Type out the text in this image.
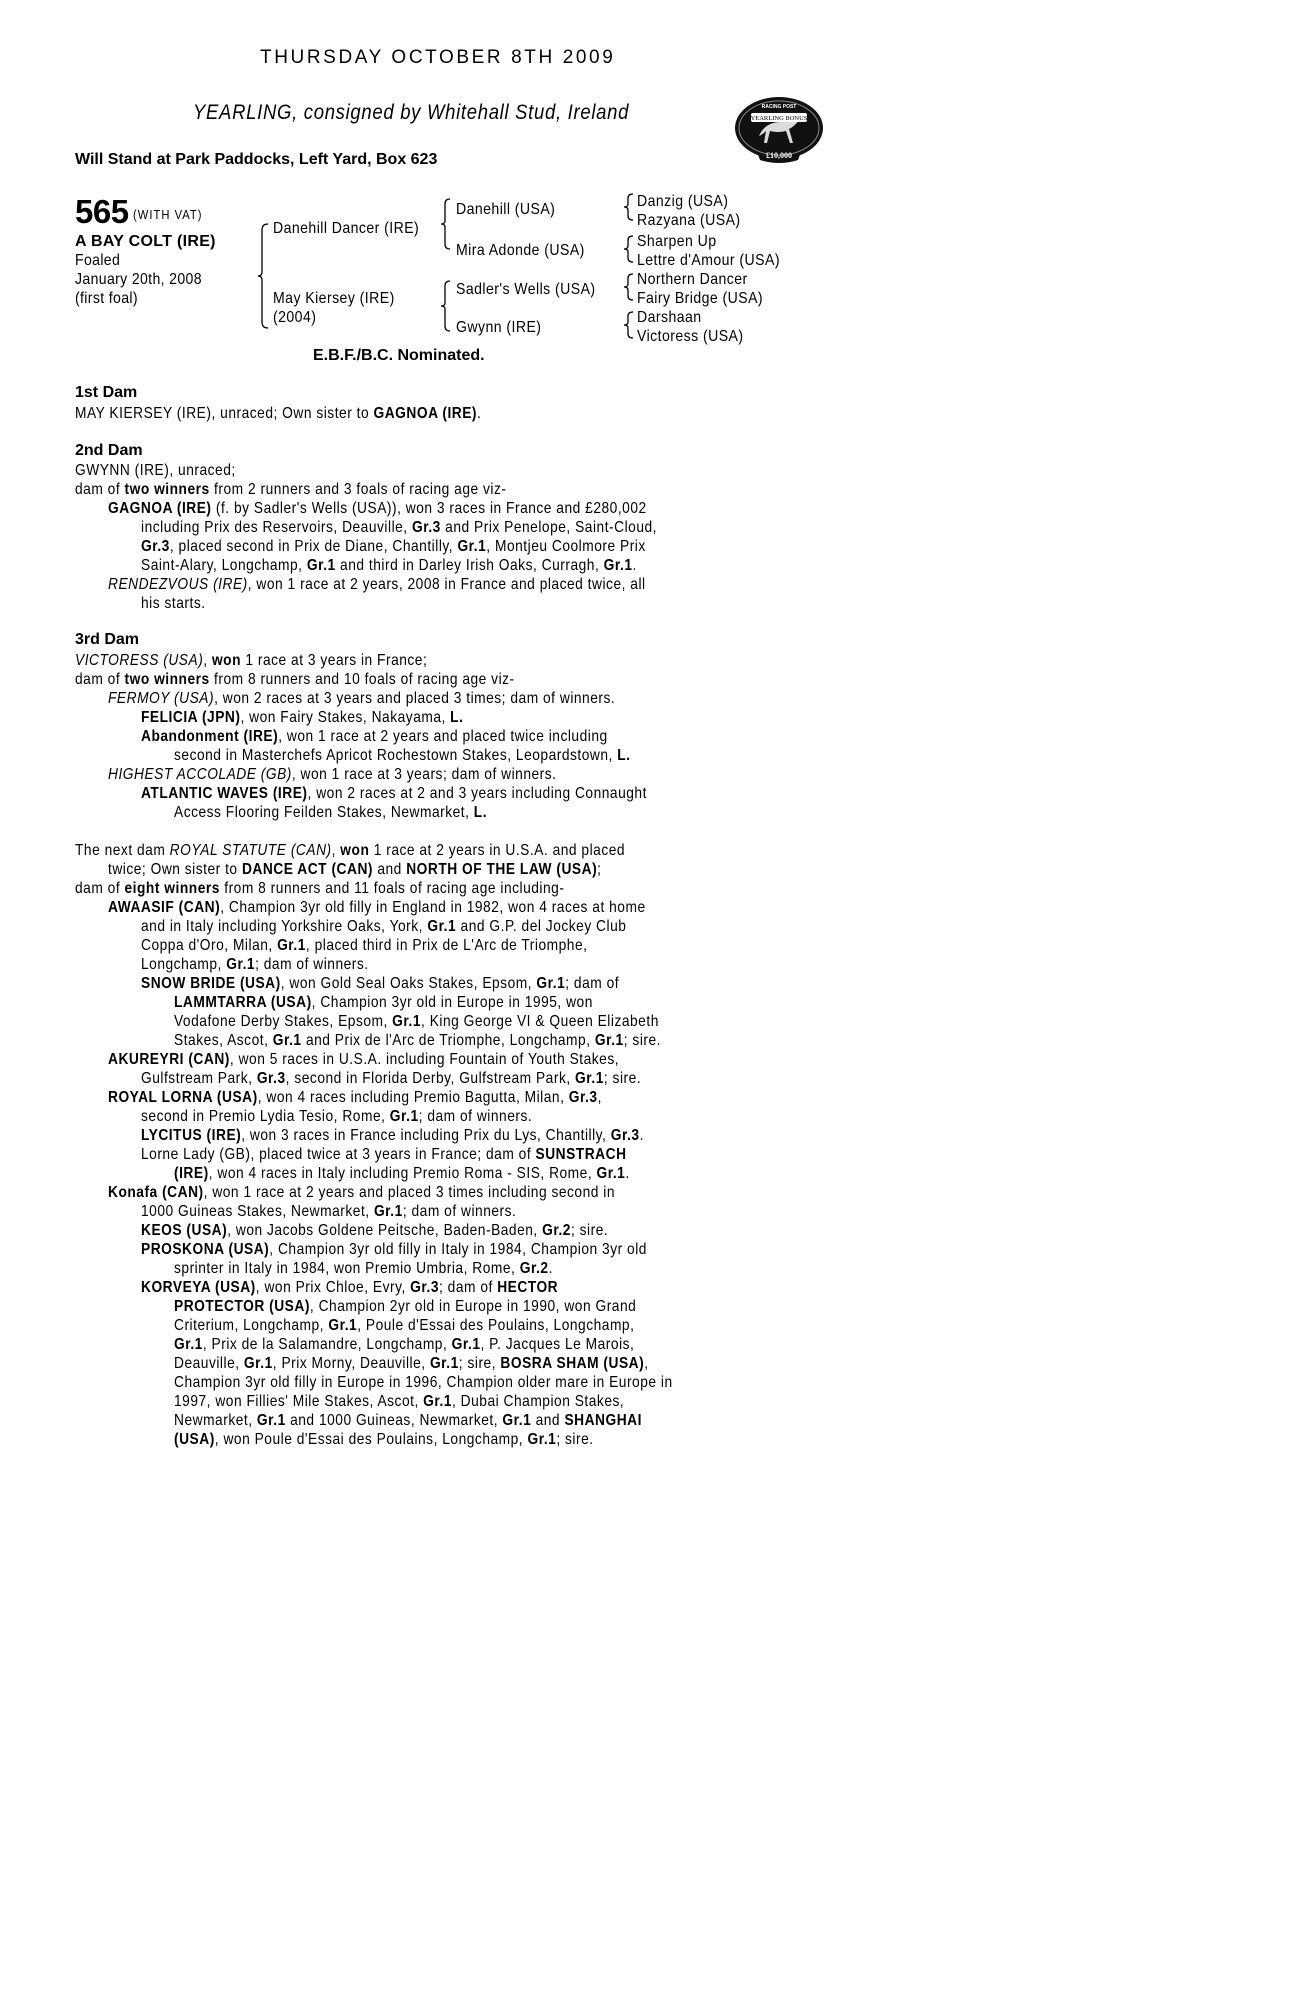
THURSDAY OCTOBER 8TH 2009
YEARLING, consigned by Whitehall Stud, Ireland
Will Stand at Park Paddocks, Left Yard, Box 623
RACING POST
YEARLING BONUS
£10,000
565 (WITH VAT)
A BAY COLT (IRE)
Foaled
January 20th, 2008
(first foal)
Danehill Dancer (IRE)
May Kiersey (IRE)
(2004)
Danehill (USA)
Mira Adonde (USA)
Sadler's Wells (USA)
Gwynn (IRE)
Danzig (USA)
Razyana (USA)
Sharpen Up
Lettre d'Amour (USA)
Northern Dancer
Fairy Bridge (USA)
Darshaan
Victoress (USA)
E.B.F./B.C. Nominated.
1st Dam
MAY KIERSEY (IRE), unraced; Own sister to GAGNOA (IRE).
2nd Dam
GWYNN (IRE), unraced;
dam of two winners from 2 runners and 3 foals of racing age viz-
GAGNOA (IRE) (f. by Sadler's Wells (USA)), won 3 races in France and £280,002
including Prix des Reservoirs, Deauville, Gr.3 and Prix Penelope, Saint-Cloud,
Gr.3, placed second in Prix de Diane, Chantilly, Gr.1, Montjeu Coolmore Prix
Saint-Alary, Longchamp, Gr.1 and third in Darley Irish Oaks, Curragh, Gr.1.
RENDEZVOUS (IRE), won 1 race at 2 years, 2008 in France and placed twice, all
his starts.
3rd Dam
VICTORESS (USA), won 1 race at 3 years in France;
dam of two winners from 8 runners and 10 foals of racing age viz-
FERMOY (USA), won 2 races at 3 years and placed 3 times; dam of winners.
FELICIA (JPN), won Fairy Stakes, Nakayama, L.
Abandonment (IRE), won 1 race at 2 years and placed twice including
second in Masterchefs Apricot Rochestown Stakes, Leopardstown, L.
HIGHEST ACCOLADE (GB), won 1 race at 3 years; dam of winners.
ATLANTIC WAVES (IRE), won 2 races at 2 and 3 years including Connaught
Access Flooring Feilden Stakes, Newmarket, L.
The next dam ROYAL STATUTE (CAN), won 1 race at 2 years in U.S.A. and placed
twice; Own sister to DANCE ACT (CAN) and NORTH OF THE LAW (USA);
dam of eight winners from 8 runners and 11 foals of racing age including-
AWAASIF (CAN), Champion 3yr old filly in England in 1982, won 4 races at home
and in Italy including Yorkshire Oaks, York, Gr.1 and G.P. del Jockey Club
Coppa d'Oro, Milan, Gr.1, placed third in Prix de L'Arc de Triomphe,
Longchamp, Gr.1; dam of winners.
SNOW BRIDE (USA), won Gold Seal Oaks Stakes, Epsom, Gr.1; dam of
LAMMTARRA (USA), Champion 3yr old in Europe in 1995, won
Vodafone Derby Stakes, Epsom, Gr.1, King George VI & Queen Elizabeth
Stakes, Ascot, Gr.1 and Prix de l'Arc de Triomphe, Longchamp, Gr.1; sire.
AKUREYRI (CAN), won 5 races in U.S.A. including Fountain of Youth Stakes,
Gulfstream Park, Gr.3, second in Florida Derby, Gulfstream Park, Gr.1; sire.
ROYAL LORNA (USA), won 4 races including Premio Bagutta, Milan, Gr.3,
second in Premio Lydia Tesio, Rome, Gr.1; dam of winners.
LYCITUS (IRE), won 3 races in France including Prix du Lys, Chantilly, Gr.3.
Lorne Lady (GB), placed twice at 3 years in France; dam of SUNSTRACH
(IRE), won 4 races in Italy including Premio Roma - SIS, Rome, Gr.1.
Konafa (CAN), won 1 race at 2 years and placed 3 times including second in
1000 Guineas Stakes, Newmarket, Gr.1; dam of winners.
KEOS (USA), won Jacobs Goldene Peitsche, Baden-Baden, Gr.2; sire.
PROSKONA (USA), Champion 3yr old filly in Italy in 1984, Champion 3yr old
sprinter in Italy in 1984, won Premio Umbria, Rome, Gr.2.
KORVEYA (USA), won Prix Chloe, Evry, Gr.3; dam of HECTOR
PROTECTOR (USA), Champion 2yr old in Europe in 1990, won Grand
Criterium, Longchamp, Gr.1, Poule d'Essai des Poulains, Longchamp,
Gr.1, Prix de la Salamandre, Longchamp, Gr.1, P. Jacques Le Marois,
Deauville, Gr.1, Prix Morny, Deauville, Gr.1; sire, BOSRA SHAM (USA),
Champion 3yr old filly in Europe in 1996, Champion older mare in Europe in
1997, won Fillies' Mile Stakes, Ascot, Gr.1, Dubai Champion Stakes,
Newmarket, Gr.1 and 1000 Guineas, Newmarket, Gr.1 and SHANGHAI
(USA), won Poule d'Essai des Poulains, Longchamp, Gr.1; sire.
